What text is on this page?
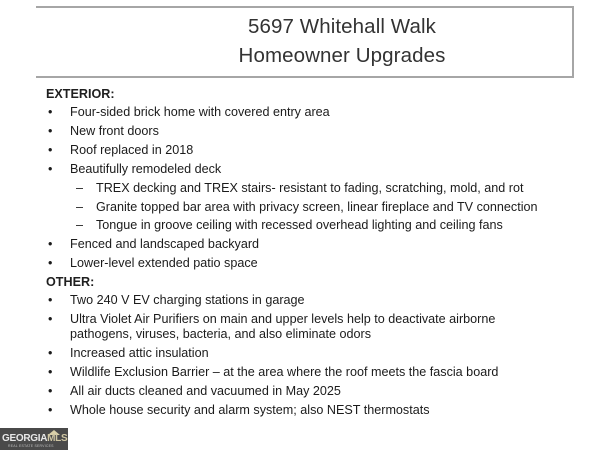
5697 Whitehall Walk
Homeowner Upgrades
EXTERIOR:
• Four-sided brick home with covered entry area
• New front doors
• Roof replaced in 2018
• Beautifully remodeled deck
– TREX decking and TREX stairs- resistant to fading, scratching, mold, and rot
– Granite topped bar area with privacy screen, linear fireplace and TV connection
– Tongue in groove ceiling with recessed overhead lighting and ceiling fans
• Fenced and landscaped backyard
• Lower-level extended patio space
OTHER:
• Two 240 V EV charging stations in garage
• Ultra Violet Air Purifiers on main and upper levels help to deactivate airborne pathogens, viruses, bacteria, and also eliminate odors
• Increased attic insulation
• Wildlife Exclusion Barrier – at the area where the roof meets the fascia board
• All air ducts cleaned and vacuumed in May 2025
• Whole house security and alarm system; also NEST thermostats
GEORGIAMLS
REAL ESTATE SERVICES
